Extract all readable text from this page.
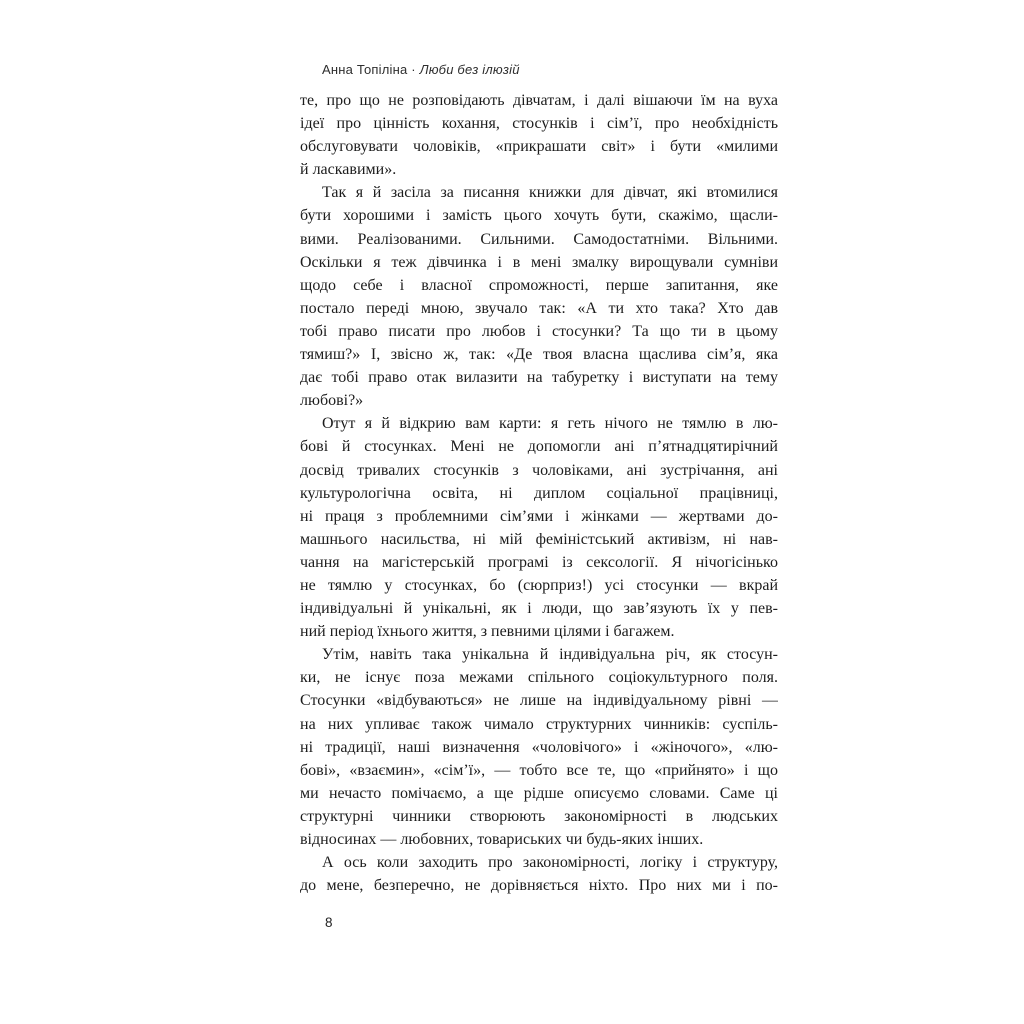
Анна Топіліна · Люби без ілюзій
те, про що не розповідають дівчатам, і далі вішаючи їм на вуха
ідеї про цінність кохання, стосунків і сім’ї, про необхідність
обслуговувати чоловіків, «прикрашати світ» і бути «милими
й ласкавими».
Так я й засіла за писання книжки для дівчат, які втомилися
бути хорошими і замість цього хочуть бути, скажімо, щасли-
вими. Реалізованими. Сильними. Самодостатніми. Вільними.
Оскільки я теж дівчинка і в мені змалку вирощували сумніви
щодо себе і власної спроможності, перше запитання, яке
постало переді мною, звучало так: «А ти хто така? Хто дав
тобі право писати про любов і стосунки? Та що ти в цьому
тямиш?» І, звісно ж, так: «Де твоя власна щаслива сім’я, яка
дає тобі право отак вилазити на табуретку і виступати на тему
любові?»
Отут я й відкрию вам карти: я геть нічого не тямлю в лю-
бові й стосунках. Мені не допомогли ані п’ятнадцятирічний
досвід тривалих стосунків з чоловіками, ані зустрічання, ані
культурологічна освіта, ні диплом соціальної працівниці,
ні праця з проблемними сім’ями і жінками — жертвами до-
машнього насильства, ні мій феміністський активізм, ні нав-
чання на магістерській програмі із сексології. Я нічогісінько
не тямлю у стосунках, бо (сюрприз!) усі стосунки — вкрай
індивідуальні й унікальні, як і люди, що зав’язують їх у пев-
ний період їхнього життя, з певними цілями і багажем.
Утім, навіть така унікальна й індивідуальна річ, як стосун-
ки, не існує поза межами спільного соціокультурного поля.
Стосунки «відбуваються» не лише на індивідуальному рівні —
на них упливає також чимало структурних чинників: суспіль-
ні традиції, наші визначення «чоловічого» і «жіночого», «лю-
бові», «взаємин», «сім’ї», — тобто все те, що «прийнято» і що
ми нечасто помічаємо, а ще рідше описуємо словами. Саме ці
структурні чинники створюють закономірності в людських
відносинах — любовних, товариських чи будь-яких інших.
А ось коли заходить про закономірності, логіку і структуру,
до мене, безперечно, не дорівняється ніхто. Про них ми і по-
8
